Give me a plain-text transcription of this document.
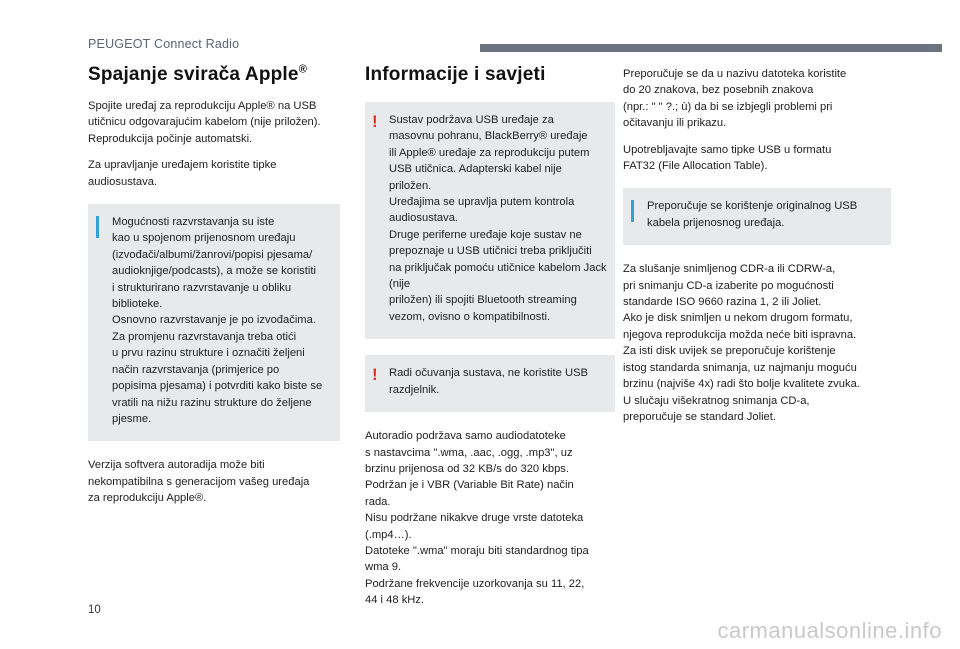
PEUGEOT Connect Radio
Spajanje svirača Apple®

Spojite uređaj za reprodukciju Apple® na USB
utičnicu odgovarajućim kabelom (nije priložen).
Reprodukcija počinje automatski.

Za upravljanje uređajem koristite tipke
audiosustava.

Mogućnosti razvrstavanja su iste
kao u spojenom prijenosnom uređaju
(izvođači/albumi/žanrovi/popisi pjesama/
audioknjige/podcasts), a može se koristiti
i strukturirano razvrstavanje u obliku
biblioteke.
Osnovno razvrstavanje je po izvođačima.
Za promjenu razvrstavanja treba otići
u prvu razinu strukture i označiti željeni
način razvrstavanja (primjerice po
popisima pjesama) i potvrditi kako biste se
vratili na nižu razinu strukture do željene
pjesme.

Verzija softvera autoradija može biti
nekompatibilna s generacijom vašeg uređaja
za reprodukciju Apple®.

Informacije i savjeti
! Sustav podržava USB uređaje za
masovnu pohranu, BlackBerry® uređaje
ili Apple® uređaje za reprodukciju putem
USB utičnica. Adapterski kabel nije
priložen.
Uređajima se upravlja putem kontrola
audiosustava.
Druge periferne uređaje koje sustav ne
prepoznaje u USB utičnici treba priključiti
na priključak pomoću utičnice kabelom Jack (nije
priložen) ili spojiti Bluetooth streaming
vezom, ovisno o kompatibilnosti.
! Radi očuvanja sustava, ne koristite USB
razdjelnik.

Autoradio podržava samo audiodatoteke
s nastavcima ".wma, .aac, .ogg, .mp3", uz
brzinu prijenosa od 32 KB/s do 320 kbps.
Podržan je i VBR (Variable Bit Rate) način
rada.
Nisu podržane nikakve druge vrste datoteka
(.mp4…).
Datoteke ".wma" moraju biti standardnog tipa
wma 9.
Podržane frekvencije uzorkovanja su 11, 22,
44 i 48 kHz.

Preporučuje se da u nazivu datoteka koristite
do 20 znakova, bez posebnih znakova
(npr.: " " ?.; ù) da bi se izbjegli problemi pri
očitavanju ili prikazu.

Upotrebljavajte samo tipke USB u formatu
FAT32 (File Allocation Table).

Preporučuje se korištenje originalnog USB
kabela prijenosnog uređaja.

Za slušanje snimljenog CDR-a ili CDRW-a,
pri snimanju CD-a izaberite po mogućnosti
standarde ISO 9660 razina 1, 2 ili Joliet.
Ako je disk snimljen u nekom drugom formatu,
njegova reprodukcija možda neće biti ispravna.
Za isti disk uvijek se preporučuje korištenje
istog standarda snimanja, uz najmanju moguću
brzinu (najviše 4x) radi što bolje kvalitete zvuka.
U slučaju višekratnog snimanja CD-a,
preporučuje se standard Joliet.

10
carmanualsonline.info
